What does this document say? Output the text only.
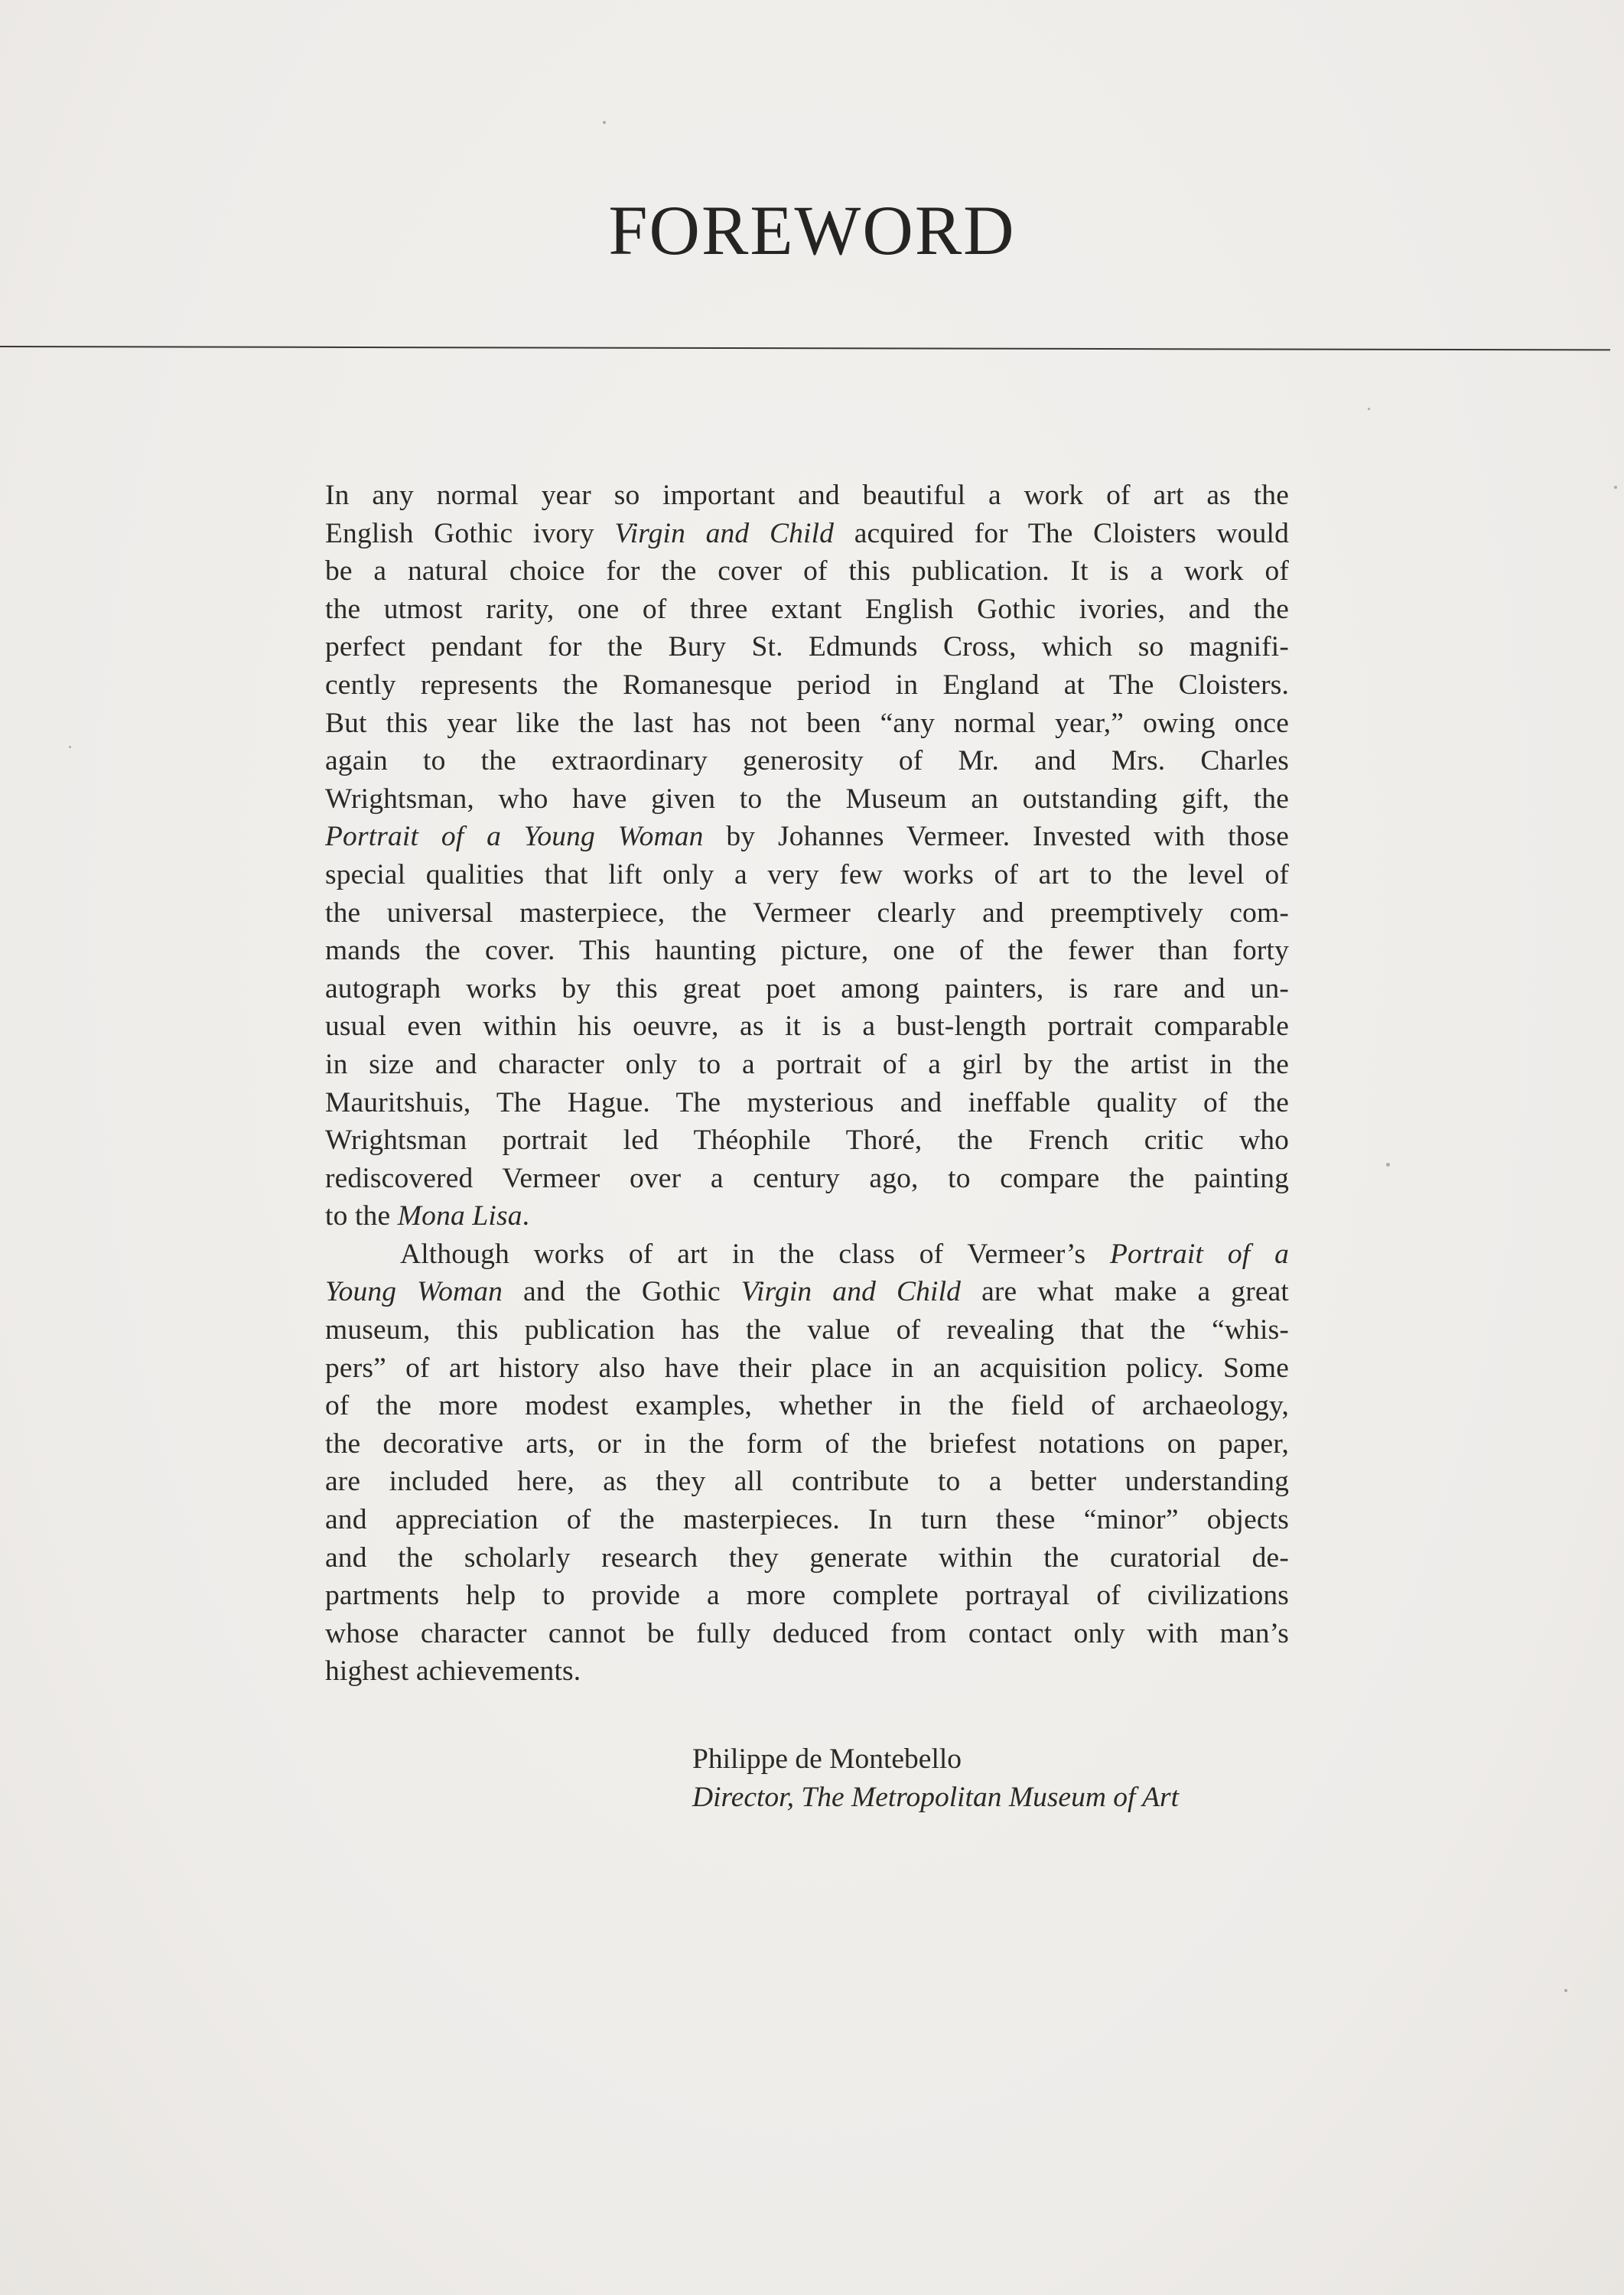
FOREWORD
In any normal year so important and beautiful a work of art as the
English Gothic ivory Virgin and Child acquired for The Cloisters would
be a natural choice for the cover of this publication. It is a work of
the utmost rarity, one of three extant English Gothic ivories, and the
perfect pendant for the Bury St. Edmunds Cross, which so magnifi-
cently represents the Romanesque period in England at The Cloisters.
But this year like the last has not been “any normal year,” owing once
again to the extraordinary generosity of Mr. and Mrs. Charles
Wrightsman, who have given to the Museum an outstanding gift, the
Portrait of a Young Woman by Johannes Vermeer. Invested with those
special qualities that lift only a very few works of art to the level of
the universal masterpiece, the Vermeer clearly and preemptively com-
mands the cover. This haunting picture, one of the fewer than forty
autograph works by this great poet among painters, is rare and un-
usual even within his oeuvre, as it is a bust-length portrait comparable
in size and character only to a portrait of a girl by the artist in the
Mauritshuis, The Hague. The mysterious and ineffable quality of the
Wrightsman portrait led Théophile Thoré, the French critic who
rediscovered Vermeer over a century ago, to compare the painting
to the Mona Lisa.
Although works of art in the class of Vermeer’s Portrait of a
Young Woman and the Gothic Virgin and Child are what make a great
museum, this publication has the value of revealing that the “whis-
pers” of art history also have their place in an acquisition policy. Some
of the more modest examples, whether in the field of archaeology,
the decorative arts, or in the form of the briefest notations on paper,
are included here, as they all contribute to a better understanding
and appreciation of the masterpieces. In turn these “minor” objects
and the scholarly research they generate within the curatorial de-
partments help to provide a more complete portrayal of civilizations
whose character cannot be fully deduced from contact only with man’s
highest achievements.
Philippe de Montebello
Director, The Metropolitan Museum of Art
